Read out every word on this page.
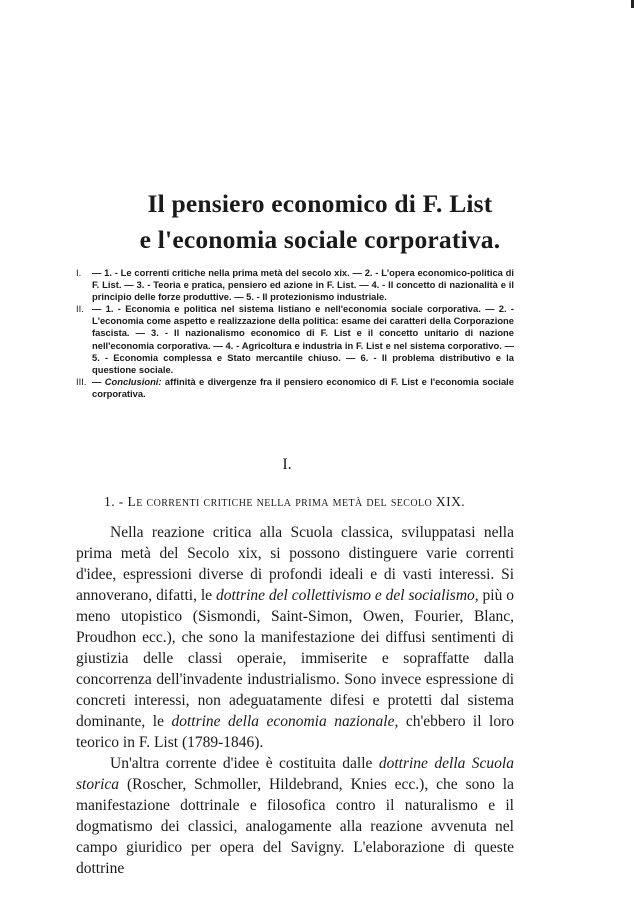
Il pensiero economico di F. List
e l'economia sociale corporativa.
I. — 1. - Le correnti critiche nella prima metà del secolo xix. — 2. - L'opera economico-politica di F. List. — 3. - Teoria e pratica, pensiero ed azione in F. List. — 4. - Il concetto di nazionalità e il principio delle forze produttive. — 5. - Il protezionismo industriale.
II. — 1. - Economia e politica nel sistema listiano e nell'economia sociale corporativa. — 2. - L'economia come aspetto e realizzazione della politica: esame dei caratteri della Corporazione fascista. — 3. - Il nazionalismo economico di F. List e il concetto unitario di nazione nell'economia corporativa. — 4. - Agricoltura e industria in F. List e nel sistema corporativo. — 5. - Economia complessa e Stato mercantile chiuso. — 6. - Il problema distributivo e la questione sociale.
III. — Conclusioni: affinità e divergenze fra il pensiero economico di F. List e l'economia sociale corporativa.
I.
1. - Le correnti critiche nella prima metà del secolo XIX.

Nella reazione critica alla Scuola classica, sviluppatasi nella prima metà del Secolo xix, si possono distinguere varie correnti d'idee, espressioni diverse di profondi ideali e di vasti interessi. Si annoverano, difatti, le dottrine del collettivismo e del socialismo, più o meno utopistico (Sismondi, Saint-Simon, Owen, Fourier, Blanc, Proudhon ecc.), che sono la manifestazione dei diffusi sentimenti di giustizia delle classi operaie, immiserite e sopraffatte dalla concorrenza dell'invadente industrialismo. Sono invece espressione di concreti interessi, non adeguatamente difesi e protetti dal sistema dominante, le dottrine della economia nazionale, ch'ebbero il loro teorico in F. List (1789-1846).

Un'altra corrente d'idee è costituita dalle dottrine della Scuola storica (Roscher, Schmoller, Hildebrand, Knies ecc.), che sono la manifestazione dottrinale e filosofica contro il naturalismo e il dogmatismo dei classici, analogamente alla reazione avvenuta nel campo giuridico per opera del Savigny. L'elaborazione di queste dottrine
